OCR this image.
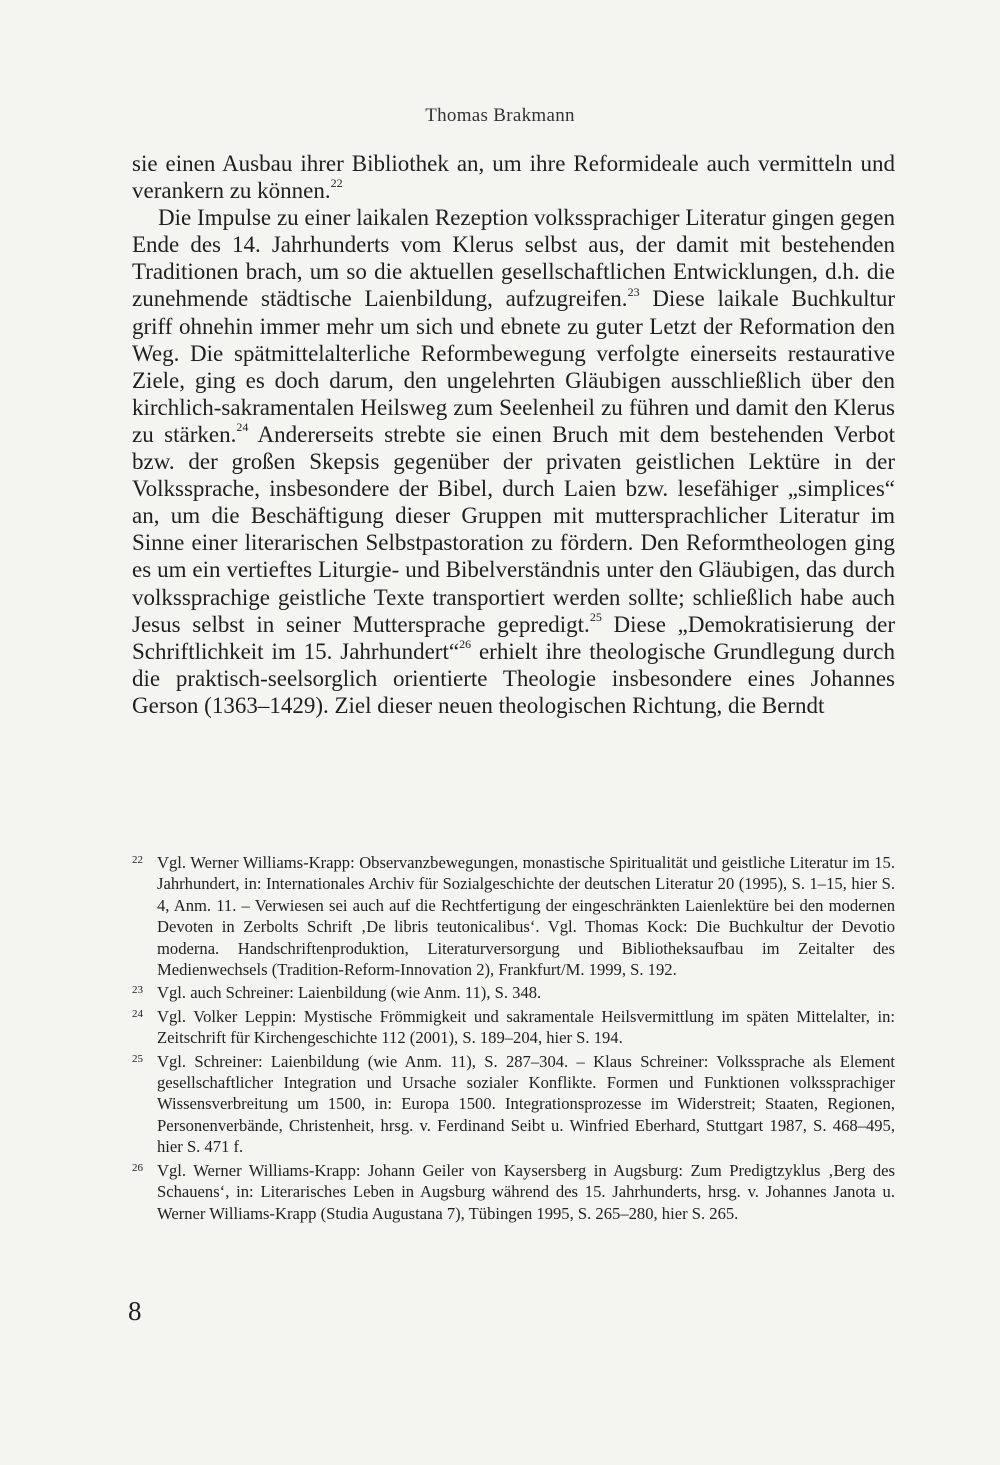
Thomas Brakmann

sie einen Ausbau ihrer Bibliothek an, um ihre Reformideale auch vermitteln und verankern zu können.$^{22}$

Die Impulse zu einer laikalen Rezeption volkssprachiger Literatur gingen gegen Ende des 14. Jahrhunderts vom Klerus selbst aus, der damit mit bestehenden Traditionen brach, um so die aktuellen gesellschaftlichen Entwicklungen, d.h. die zunehmende städtische Laienbildung, aufzugreifen.$^{23}$ Diese laikale Buchkultur griff ohnehin immer mehr um sich und ebnete zu guter Letzt der Reformation den Weg. Die spätmittelalterliche Reformbewegung verfolgte einerseits restaurative Ziele, ging es doch darum, den ungelehrten Gläubigen ausschließlich über den kirchlich-sakramentalen Heilsweg zum Seelenheil zu führen und damit den Klerus zu stärken.$^{24}$ Andererseits strebte sie einen Bruch mit dem bestehenden Verbot bzw. der großen Skepsis gegenüber der privaten geistlichen Lektüre in der Volkssprache, insbesondere der Bibel, durch Laien bzw. lesefähiger „simplices“ an, um die Beschäftigung dieser Gruppen mit muttersprachlicher Literatur im Sinne einer literarischen Selbstpastoration zu fördern. Den Reformtheologen ging es um ein vertieftes Liturgie- und Bibelverständnis unter den Gläubigen, das durch volkssprachige geistliche Texte transportiert werden sollte; schließlich habe auch Jesus selbst in seiner Muttersprache gepredigt.$^{25}$ Diese „Demokratisierung der Schriftlichkeit im 15. Jahrhundert“$^{26}$ erhielt ihre theologische Grundlegung durch die praktisch-seelsorglich orientierte Theologie insbesondere eines Johannes Gerson (1363–1429). Ziel dieser neuen theologischen Richtung, die Berndt

22 Vgl. Werner Williams-Krapp: Observanzbewegungen, monastische Spiritualität und geistliche Literatur im 15. Jahrhundert, in: Internationales Archiv für Sozialgeschichte der deutschen Literatur 20 (1995), S. 1–15, hier S. 4, Anm. 11. – Verwiesen sei auch auf die Rechtfertigung der eingeschränkten Laienlektüre bei den modernen Devoten in Zerbolts Schrift ‚De libris teutonicalibus‘. Vgl. Thomas Kock: Die Buchkultur der Devotio moderna. Handschriftenproduktion, Literaturversorgung und Bibliotheksaufbau im Zeitalter des Medienwechsels (Tradition-Reform-Innovation 2), Frankfurt/M. 1999, S. 192.
23 Vgl. auch Schreiner: Laienbildung (wie Anm. 11), S. 348.
24 Vgl. Volker Leppin: Mystische Frömmigkeit und sakramentale Heilsvermittlung im späten Mittelalter, in: Zeitschrift für Kirchengeschichte 112 (2001), S. 189–204, hier S. 194.
25 Vgl. Schreiner: Laienbildung (wie Anm. 11), S. 287–304. – Klaus Schreiner: Volkssprache als Element gesellschaftlicher Integration und Ursache sozialer Konflikte. Formen und Funktionen volkssprachiger Wissensverbreitung um 1500, in: Europa 1500. Integrationsprozesse im Widerstreit; Staaten, Regionen, Personenverbände, Christenheit, hrsg. v. Ferdinand Seibt u. Winfried Eberhard, Stuttgart 1987, S. 468–495, hier S. 471 f.
26 Vgl. Werner Williams-Krapp: Johann Geiler von Kaysersberg in Augsburg: Zum Predigtzyklus ‚Berg des Schauens‘, in: Literarisches Leben in Augsburg während des 15. Jahrhunderts, hrsg. v. Johannes Janota u. Werner Williams-Krapp (Studia Augustana 7), Tübingen 1995, S. 265–280, hier S. 265.
8
